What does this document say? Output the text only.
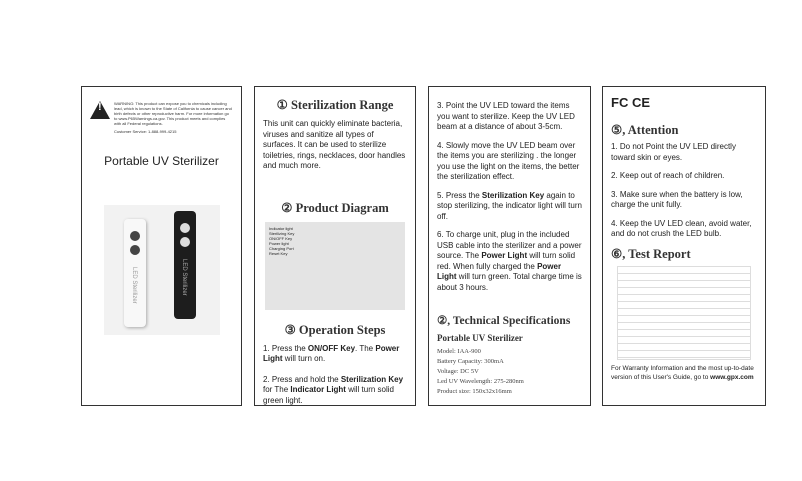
!	WARNING: This product can expose you to chemicals including lead, which is known to the State of California to cause cancer and birth defects or other reproductive harm. For more information go to www.P65Warnings.ca.gov. This product meets and complies with all Federal regulations.
Customer Service: 1-888-999-4215
Portable UV Sterilizer
LED Sterilizer	LED Sterilizer

① Sterilization Range

This unit can quickly eliminate bacteria, viruses and sanitize all types of surfaces. It can be used to sterilize toiletries, rings, necklaces, door handles and much more.

② Product Diagram

Indicator light
Sterilizing Key
ON/OFF Key
Power light
Charging Port
Reset Key

③ Operation Steps

1. Press the ON/OFF Key. The Power Light will turn on.

2. Press and hold the Sterilization Key for The Indicator Light will turn solid green light.

3. Point the UV LED toward the items you want to sterilize. Keep the UV LED beam at a distance of about 3-5cm.

4. Slowly move the UV LED beam over the items you are sterilizing . the longer you use the light on the items, the better the sterilization effect.

5. Press the Sterilization Key again to stop sterilizing, the indicator light will turn off.

6. To charge unit, plug in the included USB cable into the sterilizer and a power source. The Power Light will turn solid red. When fully charged the Power Light will turn green. Total charge time is about 3 hours.

②, Technical Specifications

Portable UV Sterilizer

Model: IAA-900
Battery Capacity: 300mA
Voltage: DC 5V
Led UV Wavelength: 275-280nm
Product size: 150x32x16mm
FC CE

⑤, Attention

1. Do not Point the UV LED directly toward skin or eyes.

2. Keep out of reach of children.

3. Make sure when the battery is low, charge the unit fully.

4. Keep the UV LED clean, avoid water, and do not crush the LED bulb.

⑥, Test Report

For Warranty Information and the most up-to-date version of this User's Guide, go to www.gpx.com
